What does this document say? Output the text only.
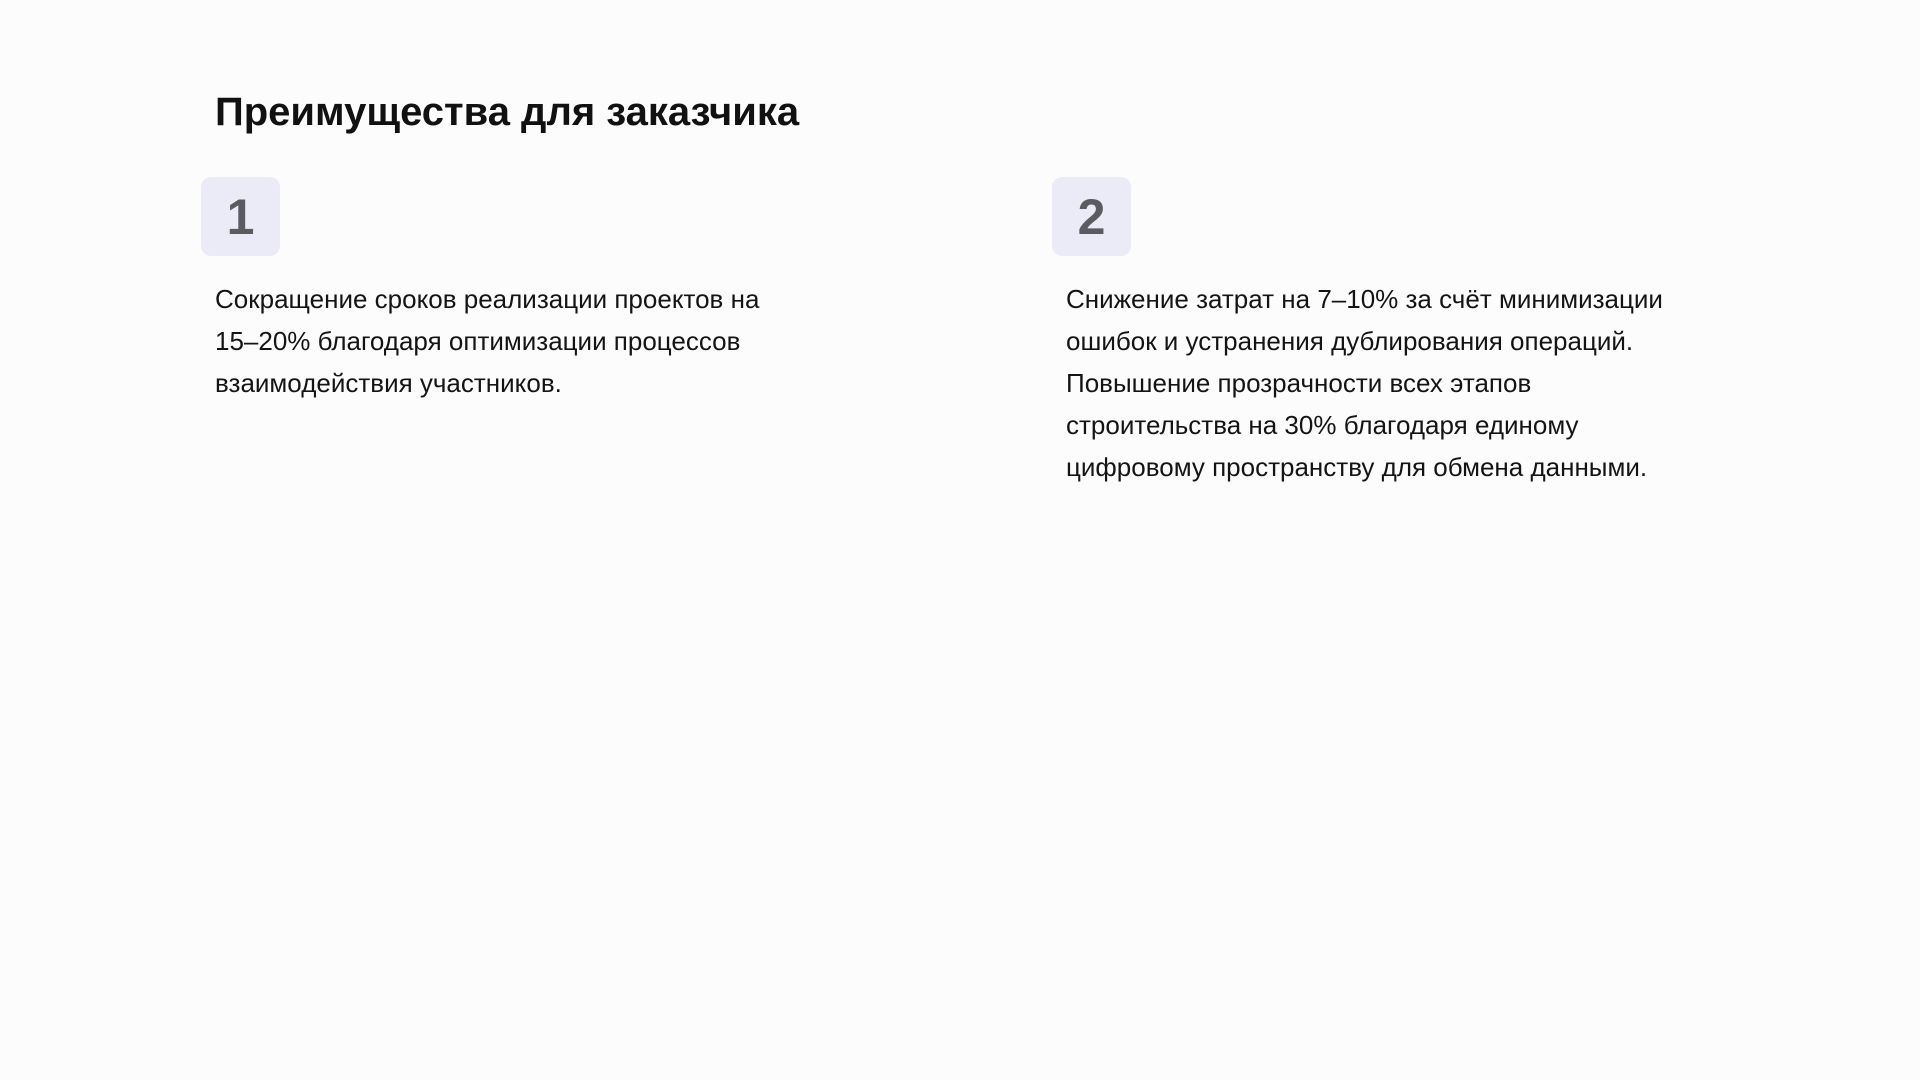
Преимущества для заказчика
1
Сокращение сроков реализации проектов на
15–20% благодаря оптимизации процессов
взаимодействия участников.
2
Снижение затрат на 7–10% за счёт минимизации
ошибок и устранения дублирования операций.
Повышение прозрачности всех этапов
строительства на 30% благодаря единому
цифровому пространству для обмена данными.
